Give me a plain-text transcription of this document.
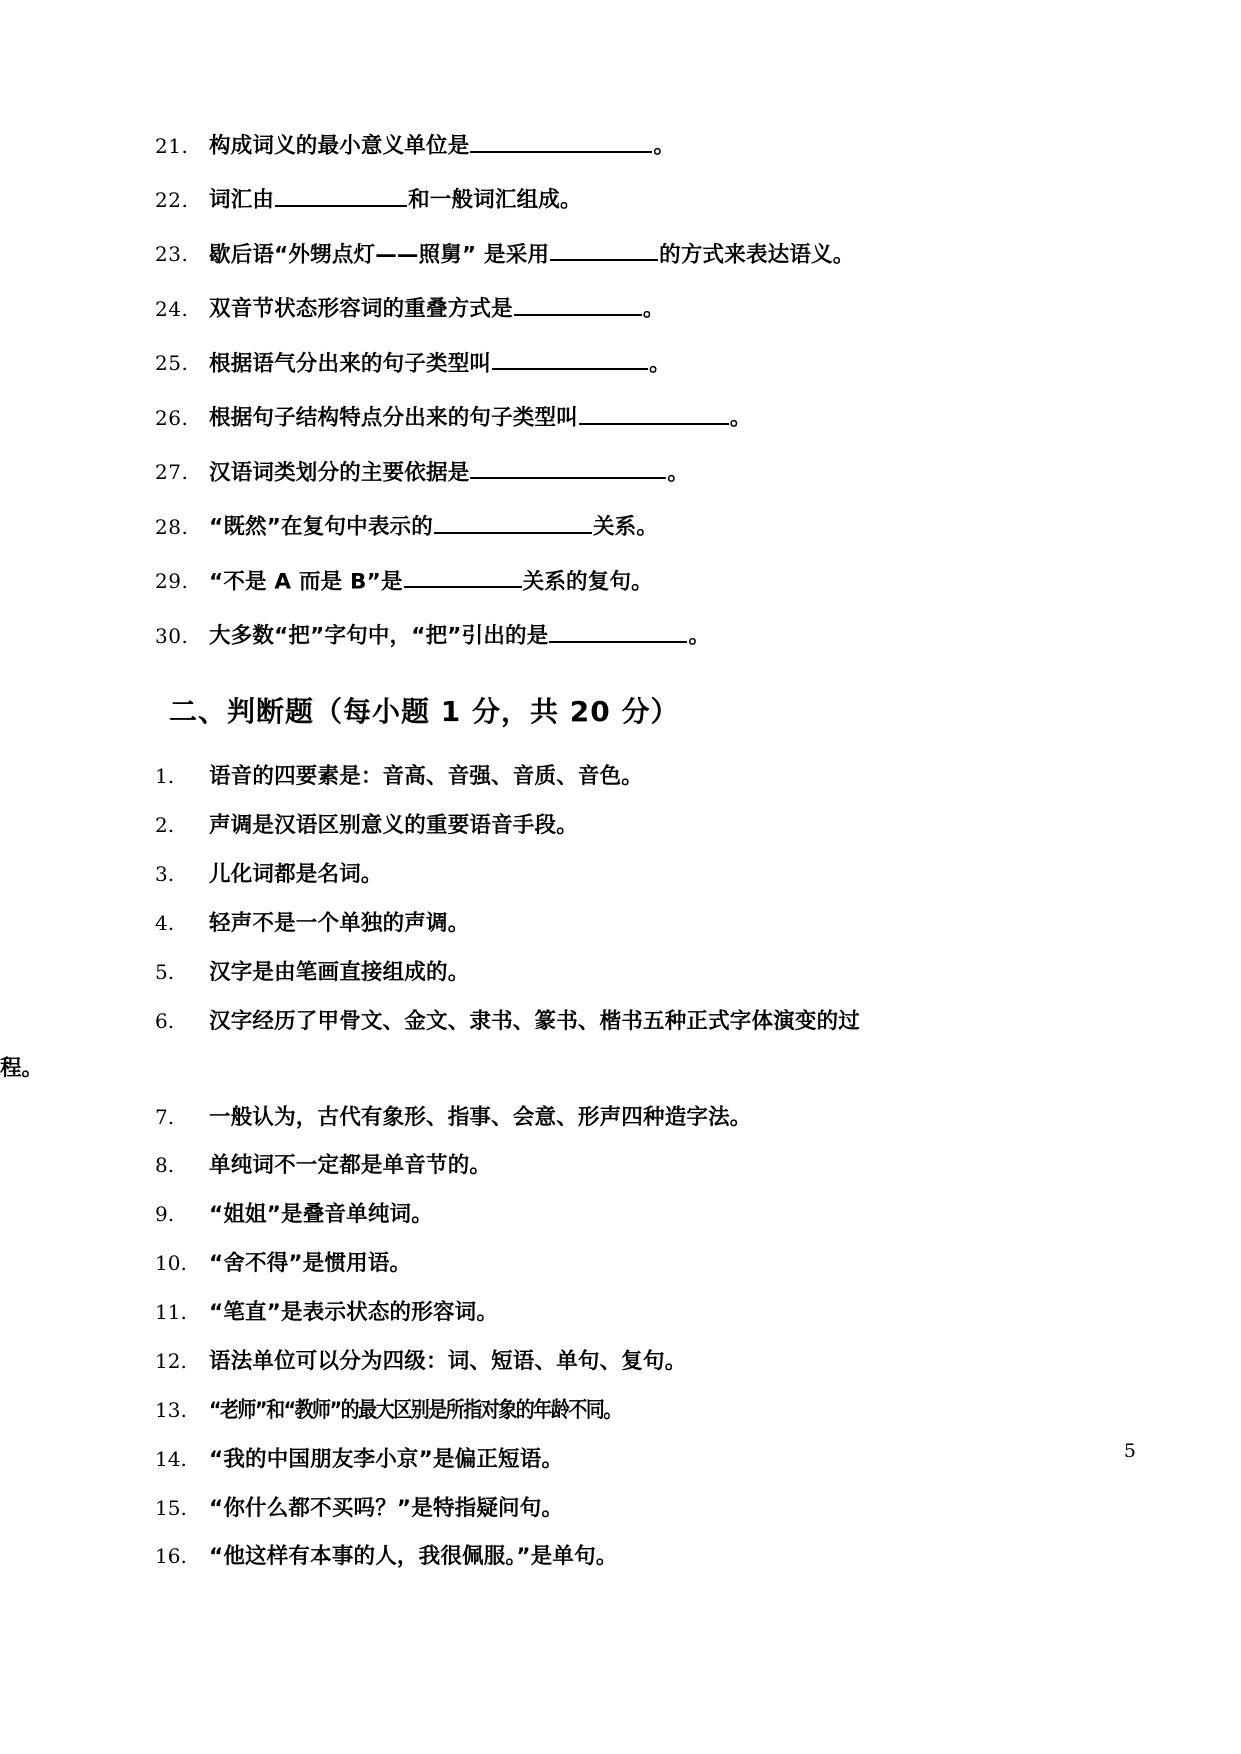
21. 构成词义的最小意义单位是	。
22. 词汇由	和一般词汇组成。
23. 歇后语“外甥点灯——照舅” 是采用	的方式来表达语义。
24. 双音节状态形容词的重叠方式是	。
25. 根据语气分出来的句子类型叫	。
26. 根据句子结构特点分出来的句子类型叫	。
27. 汉语词类划分的主要依据是	。
28. “既然”在复句中表示的	关系。
29. “不是 A 而是 B”是	关系的复句。
30. 大多数“把”字句中，“把”引出的是	。
二、判断题（每小题 1 分，共 20 分）
1.	语音的四要素是：音高、音强、音质、音色。
2.	声调是汉语区别意义的重要语音手段。
3.	儿化词都是名词。
4.	轻声不是一个单独的声调。
5.	汉字是由笔画直接组成的。
6.	汉字经历了甲骨文、金文、隶书、篆书、楷书五种正式字体演变的过
程。
7.	一般认为，古代有象形、指事、会意、形声四种造字法。
8.	单纯词不一定都是单音节的。
9.	“姐姐”是叠音单纯词。
10.	“舍不得”是惯用语。
11.	“笔直”是表示状态的形容词。
12.	语法单位可以分为四级：词、短语、单句、复句。
13.	“老师”和“教师”的最大区别是所指对象的年龄不同。
14.	“我的中国朋友李小京”是偏正短语。
15.	“你什么都不买吗？”是特指疑问句。
16.	“他这样有本事的人，我很佩服。”是单句。
5
